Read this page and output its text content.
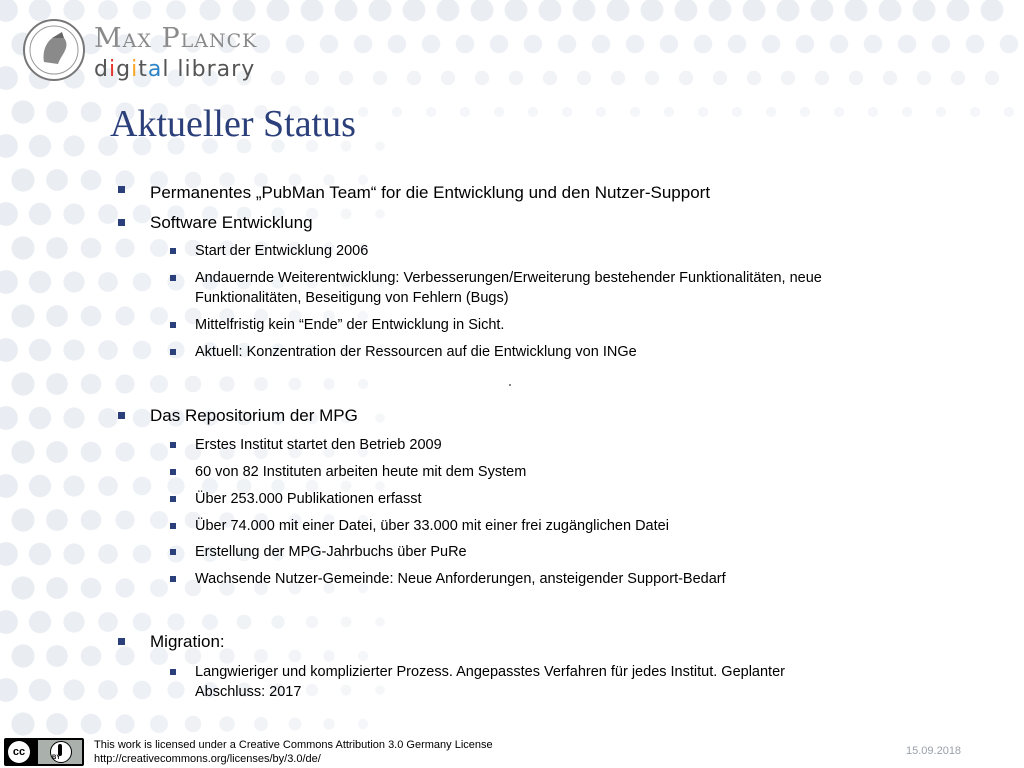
Max Planck
digital library
Aktueller Status
Permanentes „PubMan Team“ for die Entwicklung und den Nutzer-Support
Software Entwicklung
Start der Entwicklung 2006
Andauernde Weiterentwicklung: Verbesserungen/Erweiterung bestehender Funktionalitäten, neue
Funktionalitäten, Beseitigung von Fehlern (Bugs)
Mittelfristig kein “Ende” der Entwicklung in Sicht.
Aktuell: Konzentration der Ressourcen auf die Entwicklung von INGe
Das Repositorium der MPG
Erstes Institut startet den Betrieb 2009
60 von 82 Instituten arbeiten heute mit dem System
Über 253.000 Publikationen erfasst
Über 74.000 mit einer Datei, über 33.000 mit einer frei zugänglichen Datei
Erstellung der MPG-Jahrbuchs über PuRe
Wachsende Nutzer-Gemeinde: Neue Anforderungen, ansteigender Support-Bedarf
Migration:
Langwieriger und komplizierter Prozess. Angepasstes Verfahren für jedes Institut. Geplanter
Abschluss: 2017
cc	BY
This work is licensed under a Creative Commons Attribution 3.0 Germany License
http://creativecommons.org/licenses/by/3.0/de/
15.09.2018
